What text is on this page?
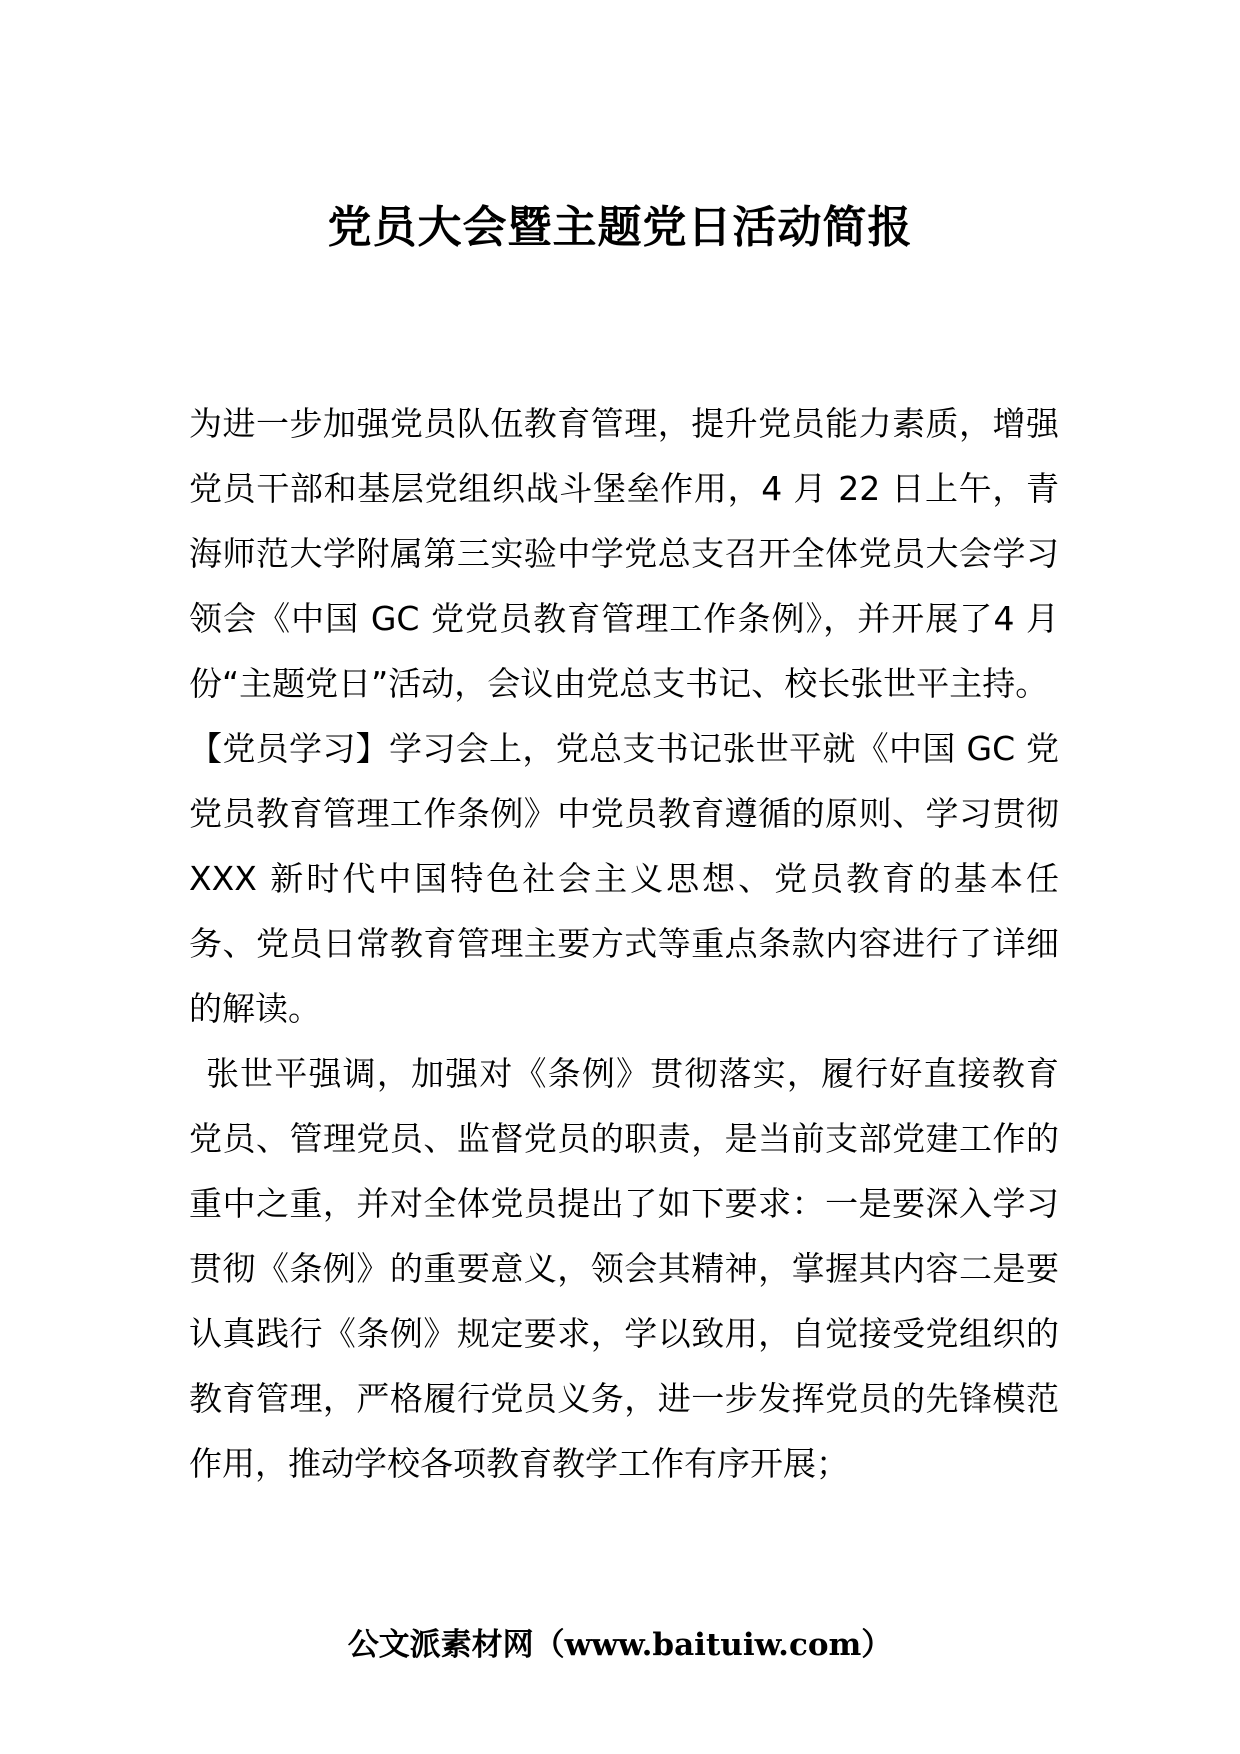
党员大会暨主题党日活动简报

为进一步加强党员队伍教育管理，提升党员能力素质，增强党员干部和基层党组织战斗堡垒作用，4 月 22 日上午，青海师范大学附属第三实验中学党总支召开全体党员大会学习领会《中国 GC 党党员教育管理工作条例》，并开展了4 月份“主题党日”活动，会议由党总支书记、校长张世平主持。

【党员学习】学习会上，党总支书记张世平就《中国 GC 党党员教育管理工作条例》中党员教育遵循的原则、学习贯彻 XXX 新时代中国特色社会主义思想、党员教育的基本任务、党员日常教育管理主要方式等重点条款内容进行了详细的解读。

张世平强调，加强对《条例》贯彻落实，履行好直接教育党员、管理党员、监督党员的职责，是当前支部党建工作的重中之重，并对全体党员提出了如下要求：一是要深入学习贯彻《条例》的重要意义，领会其精神，掌握其内容二是要认真践行《条例》规定要求，学以致用，自觉接受党组织的教育管理，严格履行党员义务，进一步发挥党员的先锋模范作用，推动学校各项教育教学工作有序开展；

公文派素材网（www.baituiw.com）
